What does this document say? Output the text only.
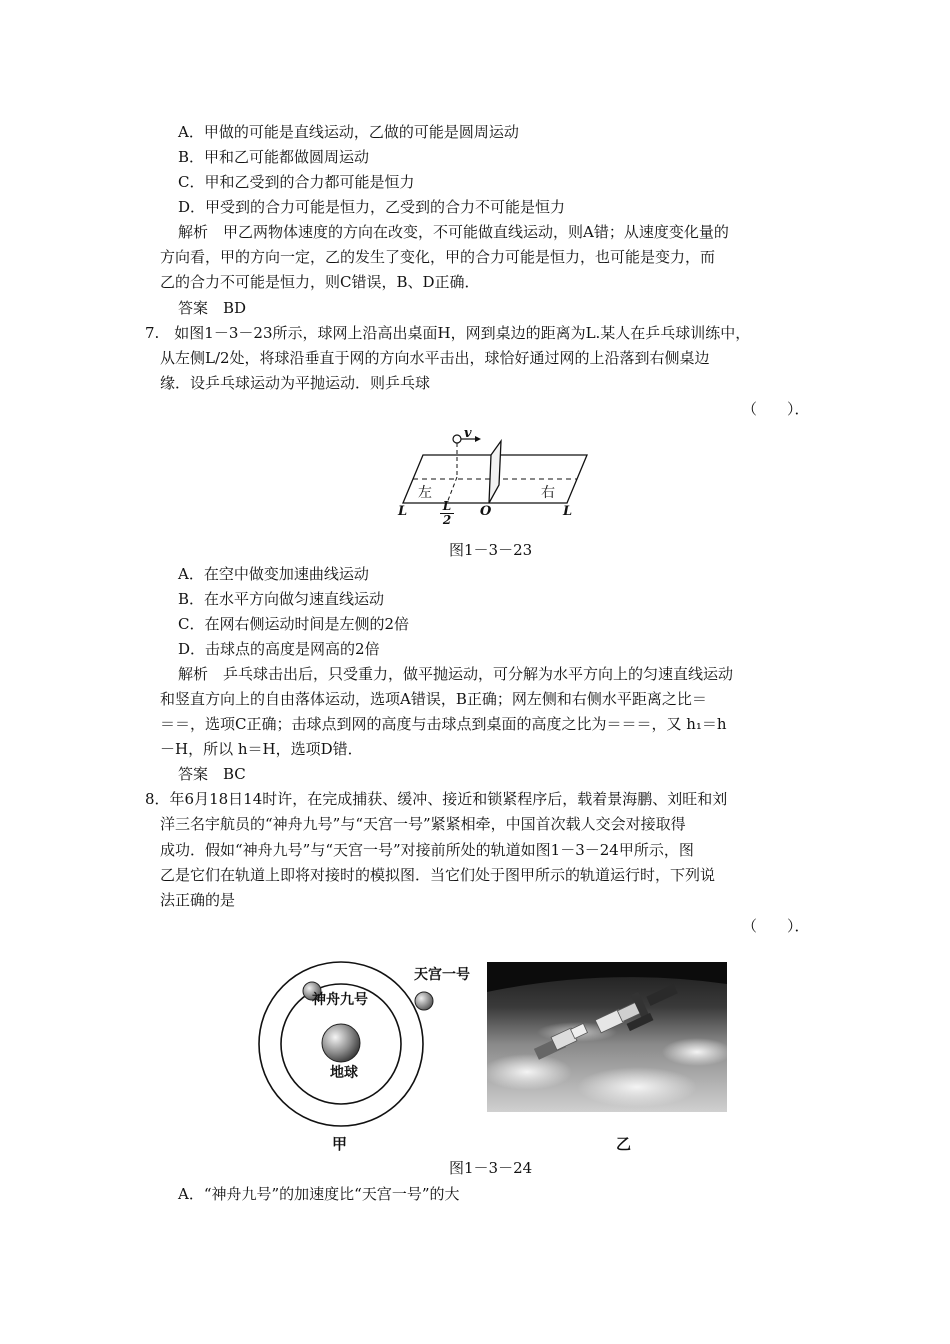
A．甲做的可能是直线运动，乙做的可能是圆周运动
B．甲和乙可能都做圆周运动
C．甲和乙受到的合力都可能是恒力
D．甲受到的合力可能是恒力，乙受到的合力不可能是恒力
解析　甲乙两物体速度的方向在改变，不可能做直线运动，则A错；从速度变化量的
方向看，甲的方向一定，乙的发生了变化，甲的合力可能是恒力，也可能是变力，而
乙的合力不可能是恒力，则C错误，B、D正确．
答案　BD
7.　如图1－3－23所示，球网上沿高出桌面H，网到桌边的距离为L.某人在乒乓球训练中，
从左侧L/2处，将球沿垂直于网的方向水平击出，球恰好通过网的上沿落到右侧桌边
缘．设乒乓球运动为平抛运动．则乒乓球
（　　）．
v
左	右
L	L
O
$\frac{L}{2}$
图1－3－23
A．在空中做变加速曲线运动
B．在水平方向做匀速直线运动
C．在网右侧运动时间是左侧的2倍
D．击球点的高度是网高的2倍
解析　乒乓球击出后，只受重力，做平抛运动，可分解为水平方向上的匀速直线运动
和竖直方向上的自由落体运动，选项A错误，B正确；网左侧和右侧水平距离之比＝
＝＝，选项C正确；击球点到网的高度与击球点到桌面的高度之比为＝＝＝，又 h₁＝h
－H，所以 h＝H，选项D错．
答案　BC
8．年6月18日14时许，在完成捕获、缓冲、接近和锁紧程序后，载着景海鹏、刘旺和刘
洋三名宇航员的“神舟九号”与“天宫一号”紧紧相牵，中国首次载人交会对接取得
成功．假如“神舟九号”与“天宫一号”对接前所处的轨道如图1－3－24甲所示，图
乙是它们在轨道上即将对接时的模拟图．当它们处于图甲所示的轨道运行时，下列说
法正确的是
（　　）．
天宫一号
神舟九号
地球
甲	乙
图1－3－24
A．“神舟九号”的加速度比“天宫一号”的大
